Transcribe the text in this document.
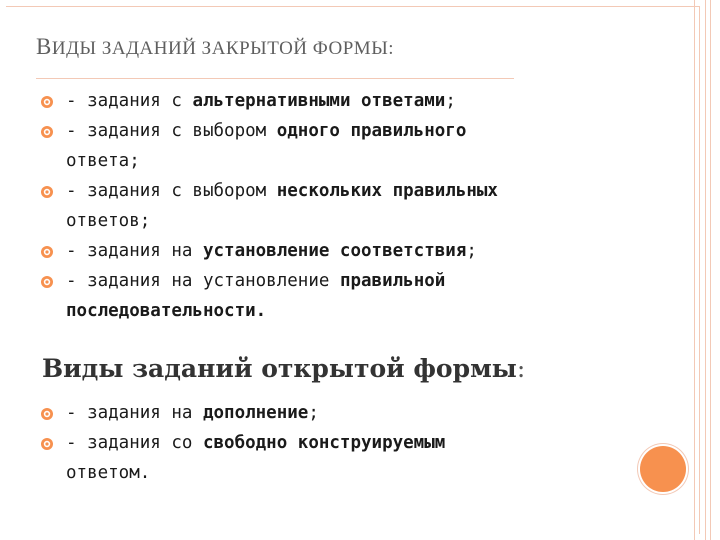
ВИДЫ ЗАДАНИЙ ЗАКРЫТОЙ ФОРМЫ:
- задания с альтернативными ответами;
- задания с выбором одного правильного
ответа;
- задания с выбором нескольких правильных
ответов;
- задания на установление соответствия;
- задания на установление правильной
последовательности.
Виды заданий открытой формы:
- задания на дополнение;
- задания со свободно конструируемым
ответом.
